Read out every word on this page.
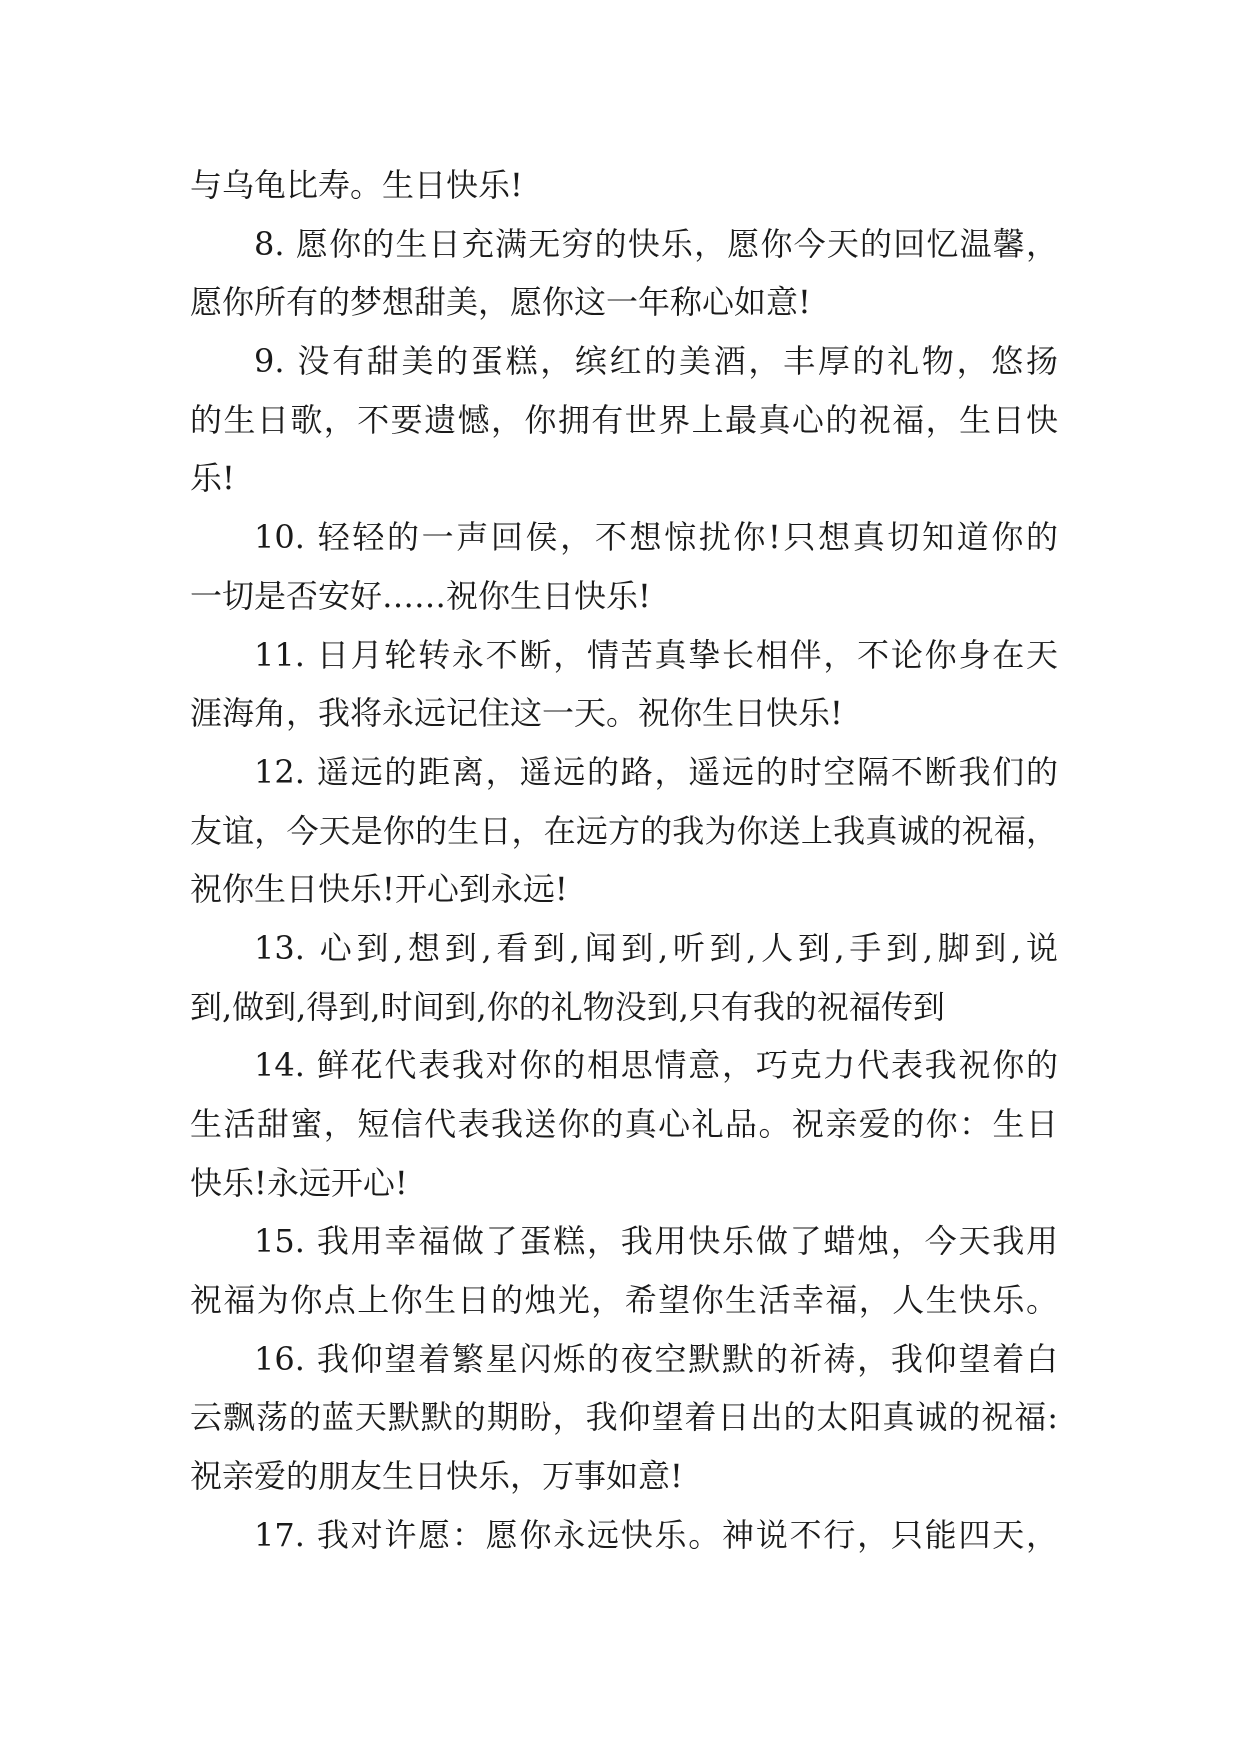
与乌龟比寿。生日快乐!
8. 愿你的生日充满无穷的快乐，愿你今天的回忆温馨，
愿你所有的梦想甜美，愿你这一年称心如意!
9. 没有甜美的蛋糕，缤红的美酒，丰厚的礼物，悠扬
的生日歌，不要遗憾，你拥有世界上最真心的祝福，生日快
乐!
10. 轻轻的一声回侯，不想惊扰你!只想真切知道你的
一切是否安好……祝你生日快乐!
11. 日月轮转永不断，情苦真挚长相伴，不论你身在天
涯海角，我将永远记住这一天。祝你生日快乐!
12. 遥远的距离，遥远的路，遥远的时空隔不断我们的
友谊，今天是你的生日，在远方的我为你送上我真诚的祝福，
祝你生日快乐!开心到永远!
13. 心到,想到,看到,闻到,听到,人到,手到,脚到,说
到,做到,得到,时间到,你的礼物没到,只有我的祝福传到
14. 鲜花代表我对你的相思情意，巧克力代表我祝你的
生活甜蜜，短信代表我送你的真心礼品。祝亲爱的你：生日
快乐!永远开心!
15. 我用幸福做了蛋糕，我用快乐做了蜡烛，今天我用
祝福为你点上你生日的烛光，希望你生活幸福，人生快乐。
16. 我仰望着繁星闪烁的夜空默默的祈祷，我仰望着白
云飘荡的蓝天默默的期盼，我仰望着日出的太阳真诚的祝福:
祝亲爱的朋友生日快乐，万事如意!
17. 我对许愿：愿你永远快乐。神说不行，只能四天，
